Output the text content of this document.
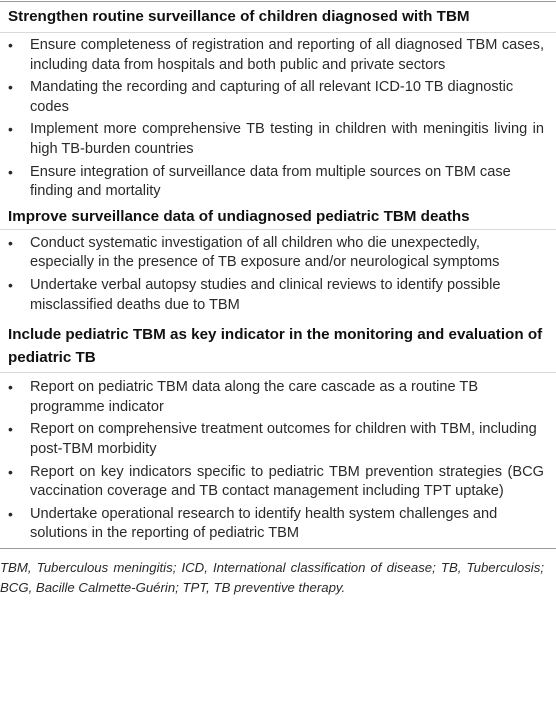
Strengthen routine surveillance of children diagnosed with TBM

•	Ensure completeness of registration and reporting of all diagnosed TBM cases, including data from hospitals and both public and private sectors
•	Mandating the recording and capturing of all relevant ICD-10 TB diagnostic codes
•	Implement more comprehensive TB testing in children with meningitis living in high TB-burden countries
•	Ensure integration of surveillance data from multiple sources on TBM case finding and mortality

Improve surveillance data of undiagnosed pediatric TBM deaths

•	Conduct systematic investigation of all children who die unexpectedly, especially in the presence of TB exposure and/or neurological symptoms
•	Undertake verbal autopsy studies and clinical reviews to identify possible misclassified deaths due to TBM

Include pediatric TBM as key indicator in the monitoring and evaluation of pediatric TB

•	Report on pediatric TBM data along the care cascade as a routine TB programme indicator
•	Report on comprehensive treatment outcomes for children with TBM, including post-TBM morbidity
•	Report on key indicators specific to pediatric TBM prevention strategies (BCG vaccination coverage and TB contact management including TPT uptake)
•	Undertake operational research to identify health system challenges and solutions in the reporting of pediatric TBM
TBM, Tuberculous meningitis; ICD, International classification of disease; TB, Tuberculosis; BCG, Bacille Calmette-Guérin; TPT, TB preventive therapy.
